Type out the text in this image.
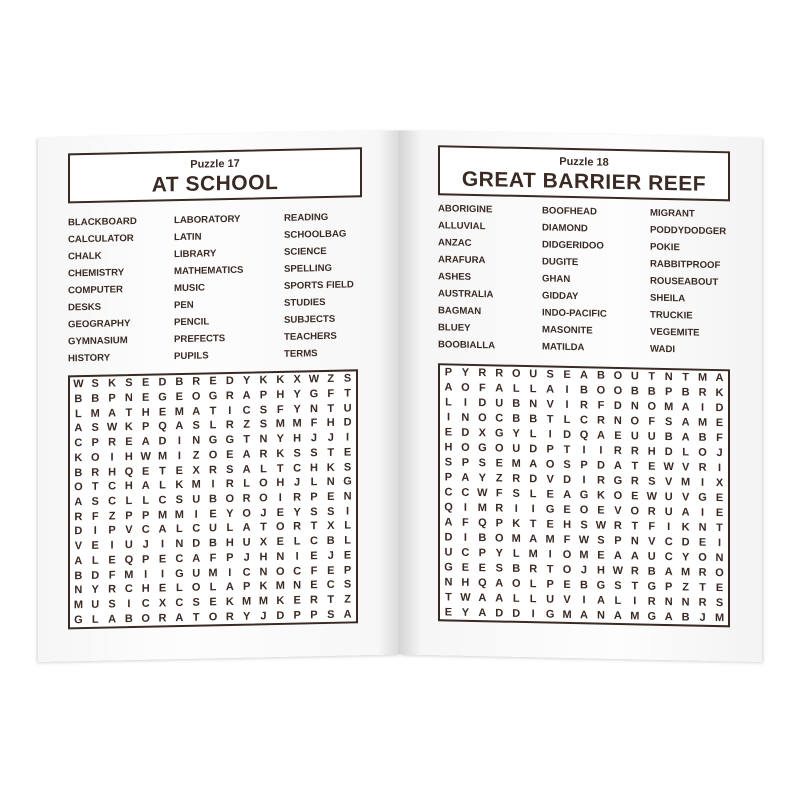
Puzzle 17
AT SCHOOL
BLACKBOARD
CALCULATOR
CHALK
CHEMISTRY
COMPUTER
DESKS
GEOGRAPHY
GYMNASIUM
HISTORY
LABORATORY
LATIN
LIBRARY
MATHEMATICS
MUSIC
PEN
PENCIL
PREFECTS
PUPILS
READING
SCHOOLBAG
SCIENCE
SPELLING
SPORTS FIELD
STUDIES
SUBJECTS
TEACHERS
TERMS
W S K S E D B R E D Y K K X W Z S
B B P N E G E O G R A P H Y G F T
L M A T H E M A T	I	C S F Y N T U
A S W K P Q A S L R Z S M M F H D
C P R E A D	I	N G G T N Y H J J	I
K O	I	H W M I	Z O E A R K S S T E
B R H Q E T E X R S A L T C H K S
O T C H A L K M I	R L O H J L N G
A S C L L C S U B O R O	I	R P E N
R F Z P P M M I	E Y O J E Y S S	I
D	I	P V C A L C U L A T O R T X L
V E	I	U J	I	N D B H U X E L C B L
A L E Q P E C A F P J H N	I	E J E
B D F M I	I	G U M I	C N O C F E P
N Y R C H E L O L A P K M N E C S
M U S	I	C X C S E K M M K E R T Z
G L A B O R A T O R Y J D P P S A
Puzzle 18
GREAT BARRIER REEF
ABORIGINE
ALLUVIAL
ANZAC
ARAFURA
ASHES
AUSTRALIA
BAGMAN
BLUEY
BOOBIALLA
BOOFHEAD
DIAMOND
DIDGERIDOO
DUGITE
GHAN
GIDDAY
INDO-PACIFIC
MASONITE
MATILDA
MIGRANT
PODDYDODGER
POKIE
RABBITPROOF
ROUSEABOUT
SHEILA
TRUCKIE
VEGEMITE
WADI
P Y R R O U S E A B O U T N T M A
A O F A L L A	I	B O O B B P B R K
L	I	D U B N V	I	R F D N O M A	I	D
I	N O C B B T L C R N O F S A M E
E D X G Y L	I	D Q A E U U B A B F
H O G O U D P T	I	I	R R H D L O J
S P S E M A O S P D A T E W V R	I
P A Y Z R D V D	I	R G R S V M I	X
C C W F S L E A G K O E W U V G E
Q	I M R	I	I	G E O E V O R U A	I	E
A F Q P K T E H S W R T F	I	K N T
D	I	B O M A M F W S P N V C D E	I
U C P Y L M I	O M E A A U C Y O N
G E E S B R T O J H W R B A M R O
N H Q A O L P E B G S T G P Z T E
T W A A L L U V	I	A L	I	R N N R S
E Y A D D	I	G M A N A M G A B J M
